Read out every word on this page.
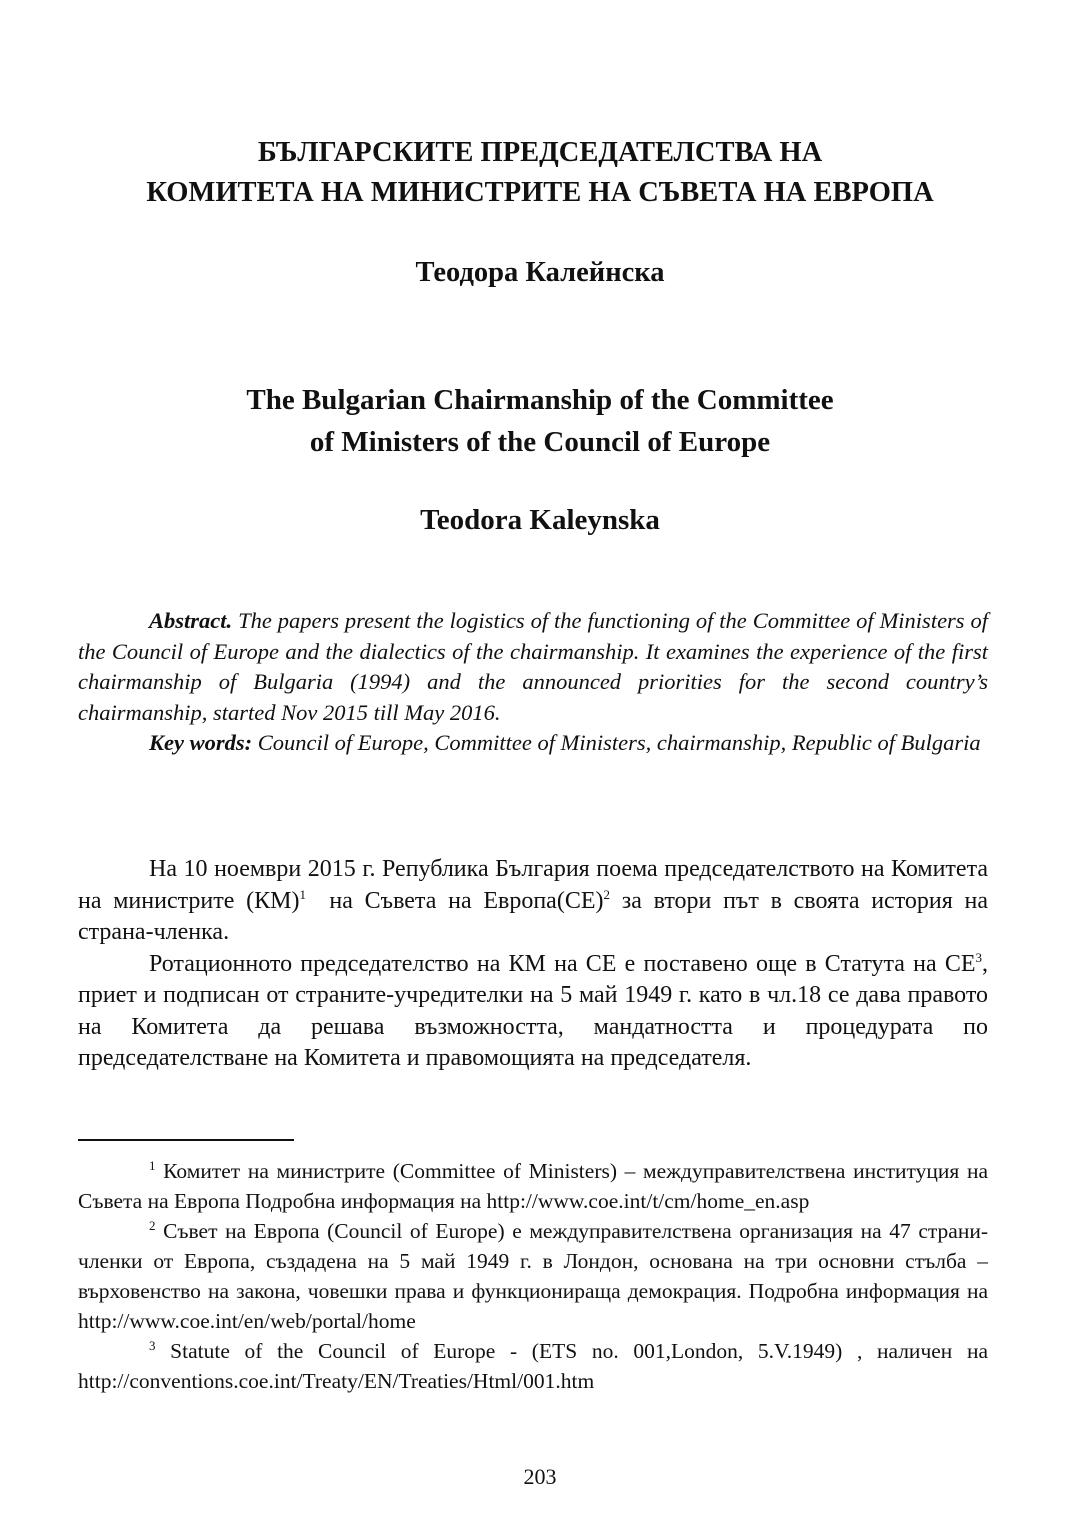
БЪЛГАРСКИТЕ ПРЕДСЕДАТЕЛСТВА НА
КОМИТЕТА НА МИНИСТРИТЕ НА СЪВЕТА НА ЕВРОПА
Теодора Калейнска
The Bulgarian Chairmanship of the Committee
of Ministers of the Council of Europe
Teodora Kaleynska

Abstract. The papers present the logistics of the functioning of the Committee of Ministers of the Council of Europe and the dialectics of the chairmanship. It examines the experience of the first chairmanship of Bulgaria (1994) and the announced priorities for the second country’s chairmanship, started Nov 2015 till May 2016.

Key words: Council of Europe, Committee of Ministers, chairmanship, Republic of Bulgaria

На 10 ноември 2015 г. Република България поема председателството на Комитета на министрите (КМ)$^1$  на Съвета на Европа(СЕ)$^2$ за втори път в своята история на страна-членка.

Ротационното председателство на КМ на СЕ е поставено още в Статута на $СЕ^3$, приет и подписан от страните-учредителки на 5 май 1949 г. като в чл.18 се дава правото на Комитета да решава възможността, мандатността и процедурата по председателстване на Комитета и правомощията на председателя.

$^1$ Комитет на министрите (Committee of Ministers) – междуправителствена институция на Съвета на Европа Подробна информация на http://www.coe.int/t/cm/home_en.asp

$^2$ Съвет на Европа (Council of Europe) е междуправителствена организация на 47 страни-членки от Европа, създадена на 5 май 1949 г. в Лондон, основана на три основни стълба – върховенство на закона, човешки права и функционираща демокрация. Подробна информация на http://www.coe.int/en/web/portal/home

$^3$ Statute of the Council of Europe - (ETS no. 001,London, 5.V.1949) , наличен на http://conventions.coe.int/Treaty/EN/Treaties/Html/001.htm

203
